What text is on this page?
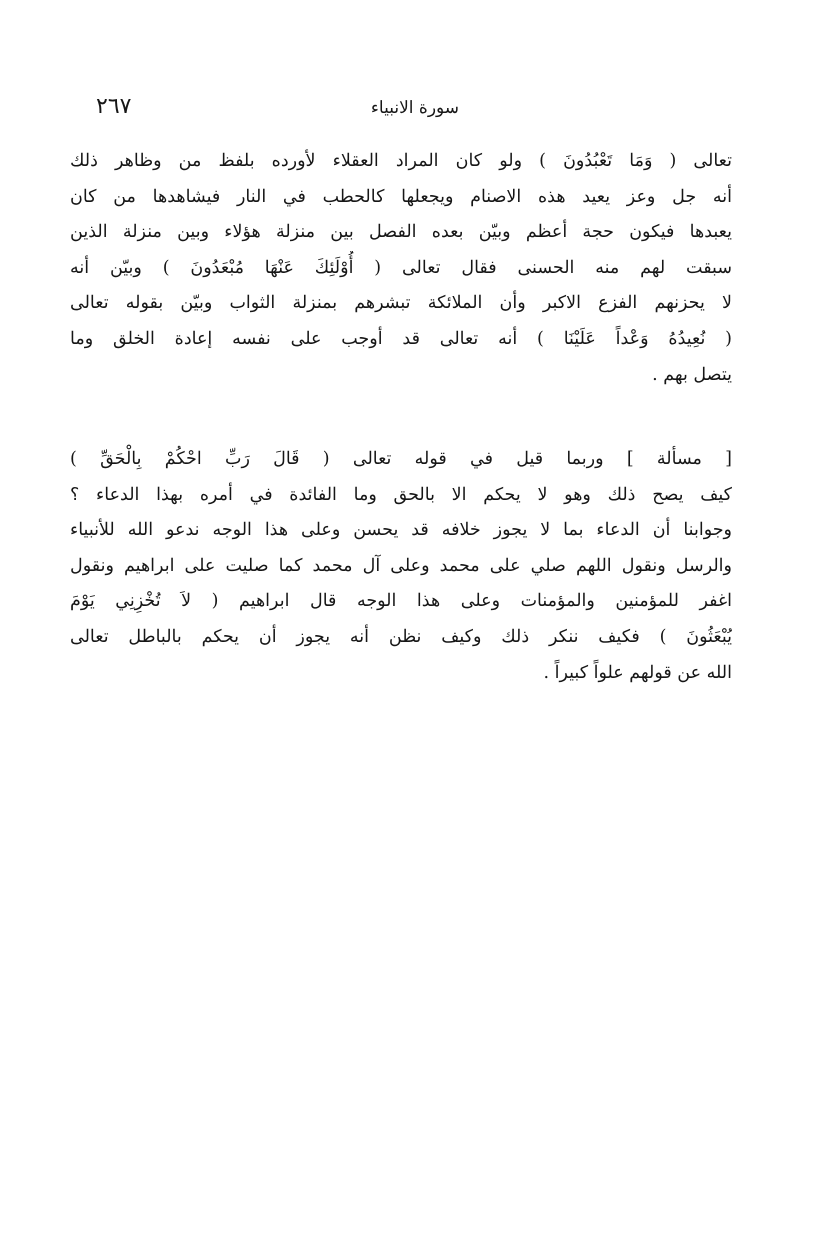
٢٦٧	سورة الانبياء
تعالى ( وَمَا تَعْبُدُونَ ) ولو كان المراد العقلاء لأورده بلفظ من وظاهر ذلك
أنه جل وعز يعيد هذه الاصنام ويجعلها كالحطب في النار فيشاهدها من كان
يعبدها فيكون حجة أعظم وبيّن بعده الفصل بين منزلة هؤلاء وبين منزلة الذين
سبقت لهم منه الحسنى فقال تعالى ( أُوْلَئِكَ عَنْهَا مُبْعَدُونَ ) وبيّن أنه
لا يحزنهم الفزع الاكبر وأن الملائكة تبشرهم بمنزلة الثواب وبيّن بقوله تعالى
( نُعِيدُهُ وَعْداً عَلَيْنَا ) أنه تعالى قد أوجب على نفسه إعادة الخلق وما
يتصل بهم .
[ مسألة ] وربما قيل في قوله تعالى ( قَالَ رَبِّ احْكُمْ بِالْحَقِّ )
كيف يصح ذلك وهو لا يحكم الا بالحق وما الفائدة في أمره بهذا الدعاء ؟
وجوابنا أن الدعاء بما لا يجوز خلافه قد يحسن وعلى هذا الوجه ندعو الله للأنبياء
والرسل ونقول اللهم صلي على محمد وعلى آل محمد كما صليت على ابراهيم ونقول
اغفر للمؤمنين والمؤمنات وعلى هذا الوجه قال ابراهيم ( لاَ تُخْزِنِي يَوْمَ
يُبْعَثُونَ ) فكيف ننكر ذلك وكيف نظن أنه يجوز أن يحكم بالباطل تعالى
الله عن قولهم علواً كبيراً .
